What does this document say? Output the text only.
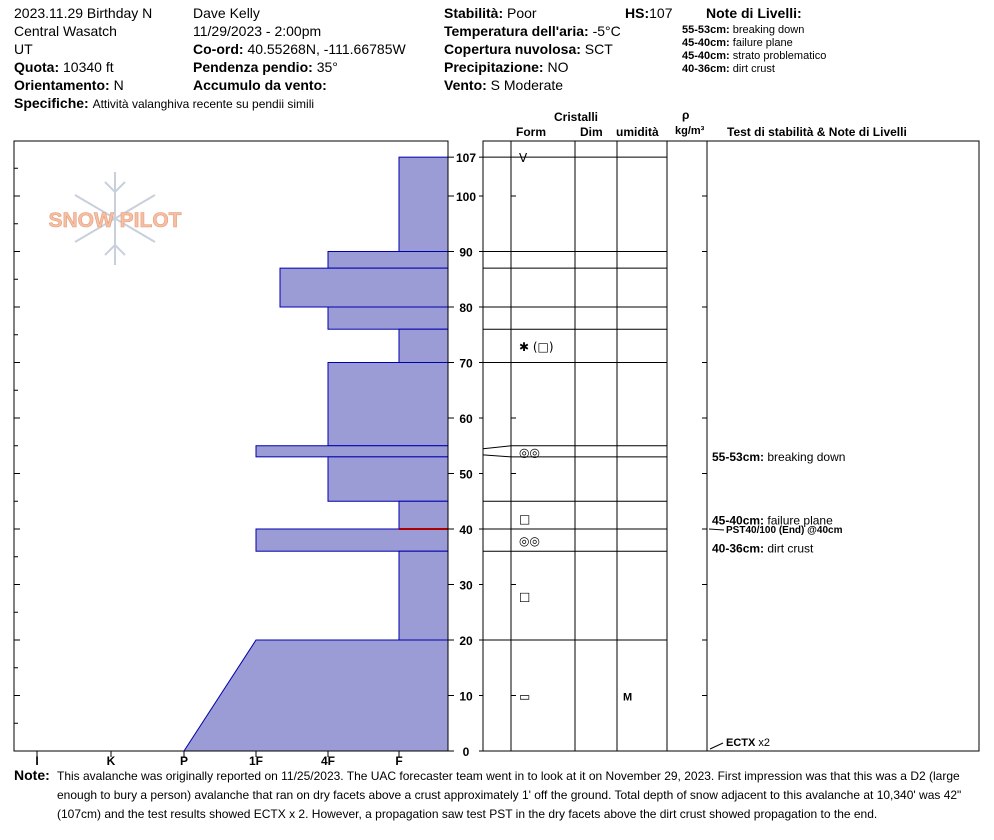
2023.11.29 Birthday N
Central Wasatch
UT
Quota: 10340 ft
Orientamento: N
Specifiche: Attività valanghiva recente su pendii simili
Dave Kelly
11/29/2023 - 2:00pm
Co-ord: 40.55268N, -111.66785W
Pendenza pendio: 35°
Accumulo da vento:
Stabilità: Poor	HS:107
Temperatura dell'aria: -5°C
Copertura nuvolosa: SCT
Precipitazione: NO
Vento: S Moderate
Note di Livelli:
55-53cm: breaking down
45-40cm: failure plane
45-40cm: strato problematico
40-36cm: dirt crust
Cristalli
Form	Dim umidità
ρ
kg/m³ Test di stabilità & Note di Livelli
I	K	P	1F	4F	F
0
10
20
30
40
50
60
70
80
90
100
107	V
✱ (□)
◎◎
□
◎◎
□
▭	M
55-53cm: breaking down
45-40cm: failure plane
40-36cm: dirt crust
PST40/100 (End) @40cm
ECTX x2
SNOW PILOT
Note: This avalanche was originally reported on 11/25/2023. The UAC forecaster team went in to look at it on November 29, 2023. First impression was that this was a D2 (large enough to bury a person) avalanche that ran on dry facets above a crust approximately 1' off the ground. Total depth of snow adjacent to this avalanche at 10,340' was 42" (107cm) and the test results showed ECTX x 2. However, a propagation saw test PST in the dry facets above the dirt crust showed propagation to the end.
